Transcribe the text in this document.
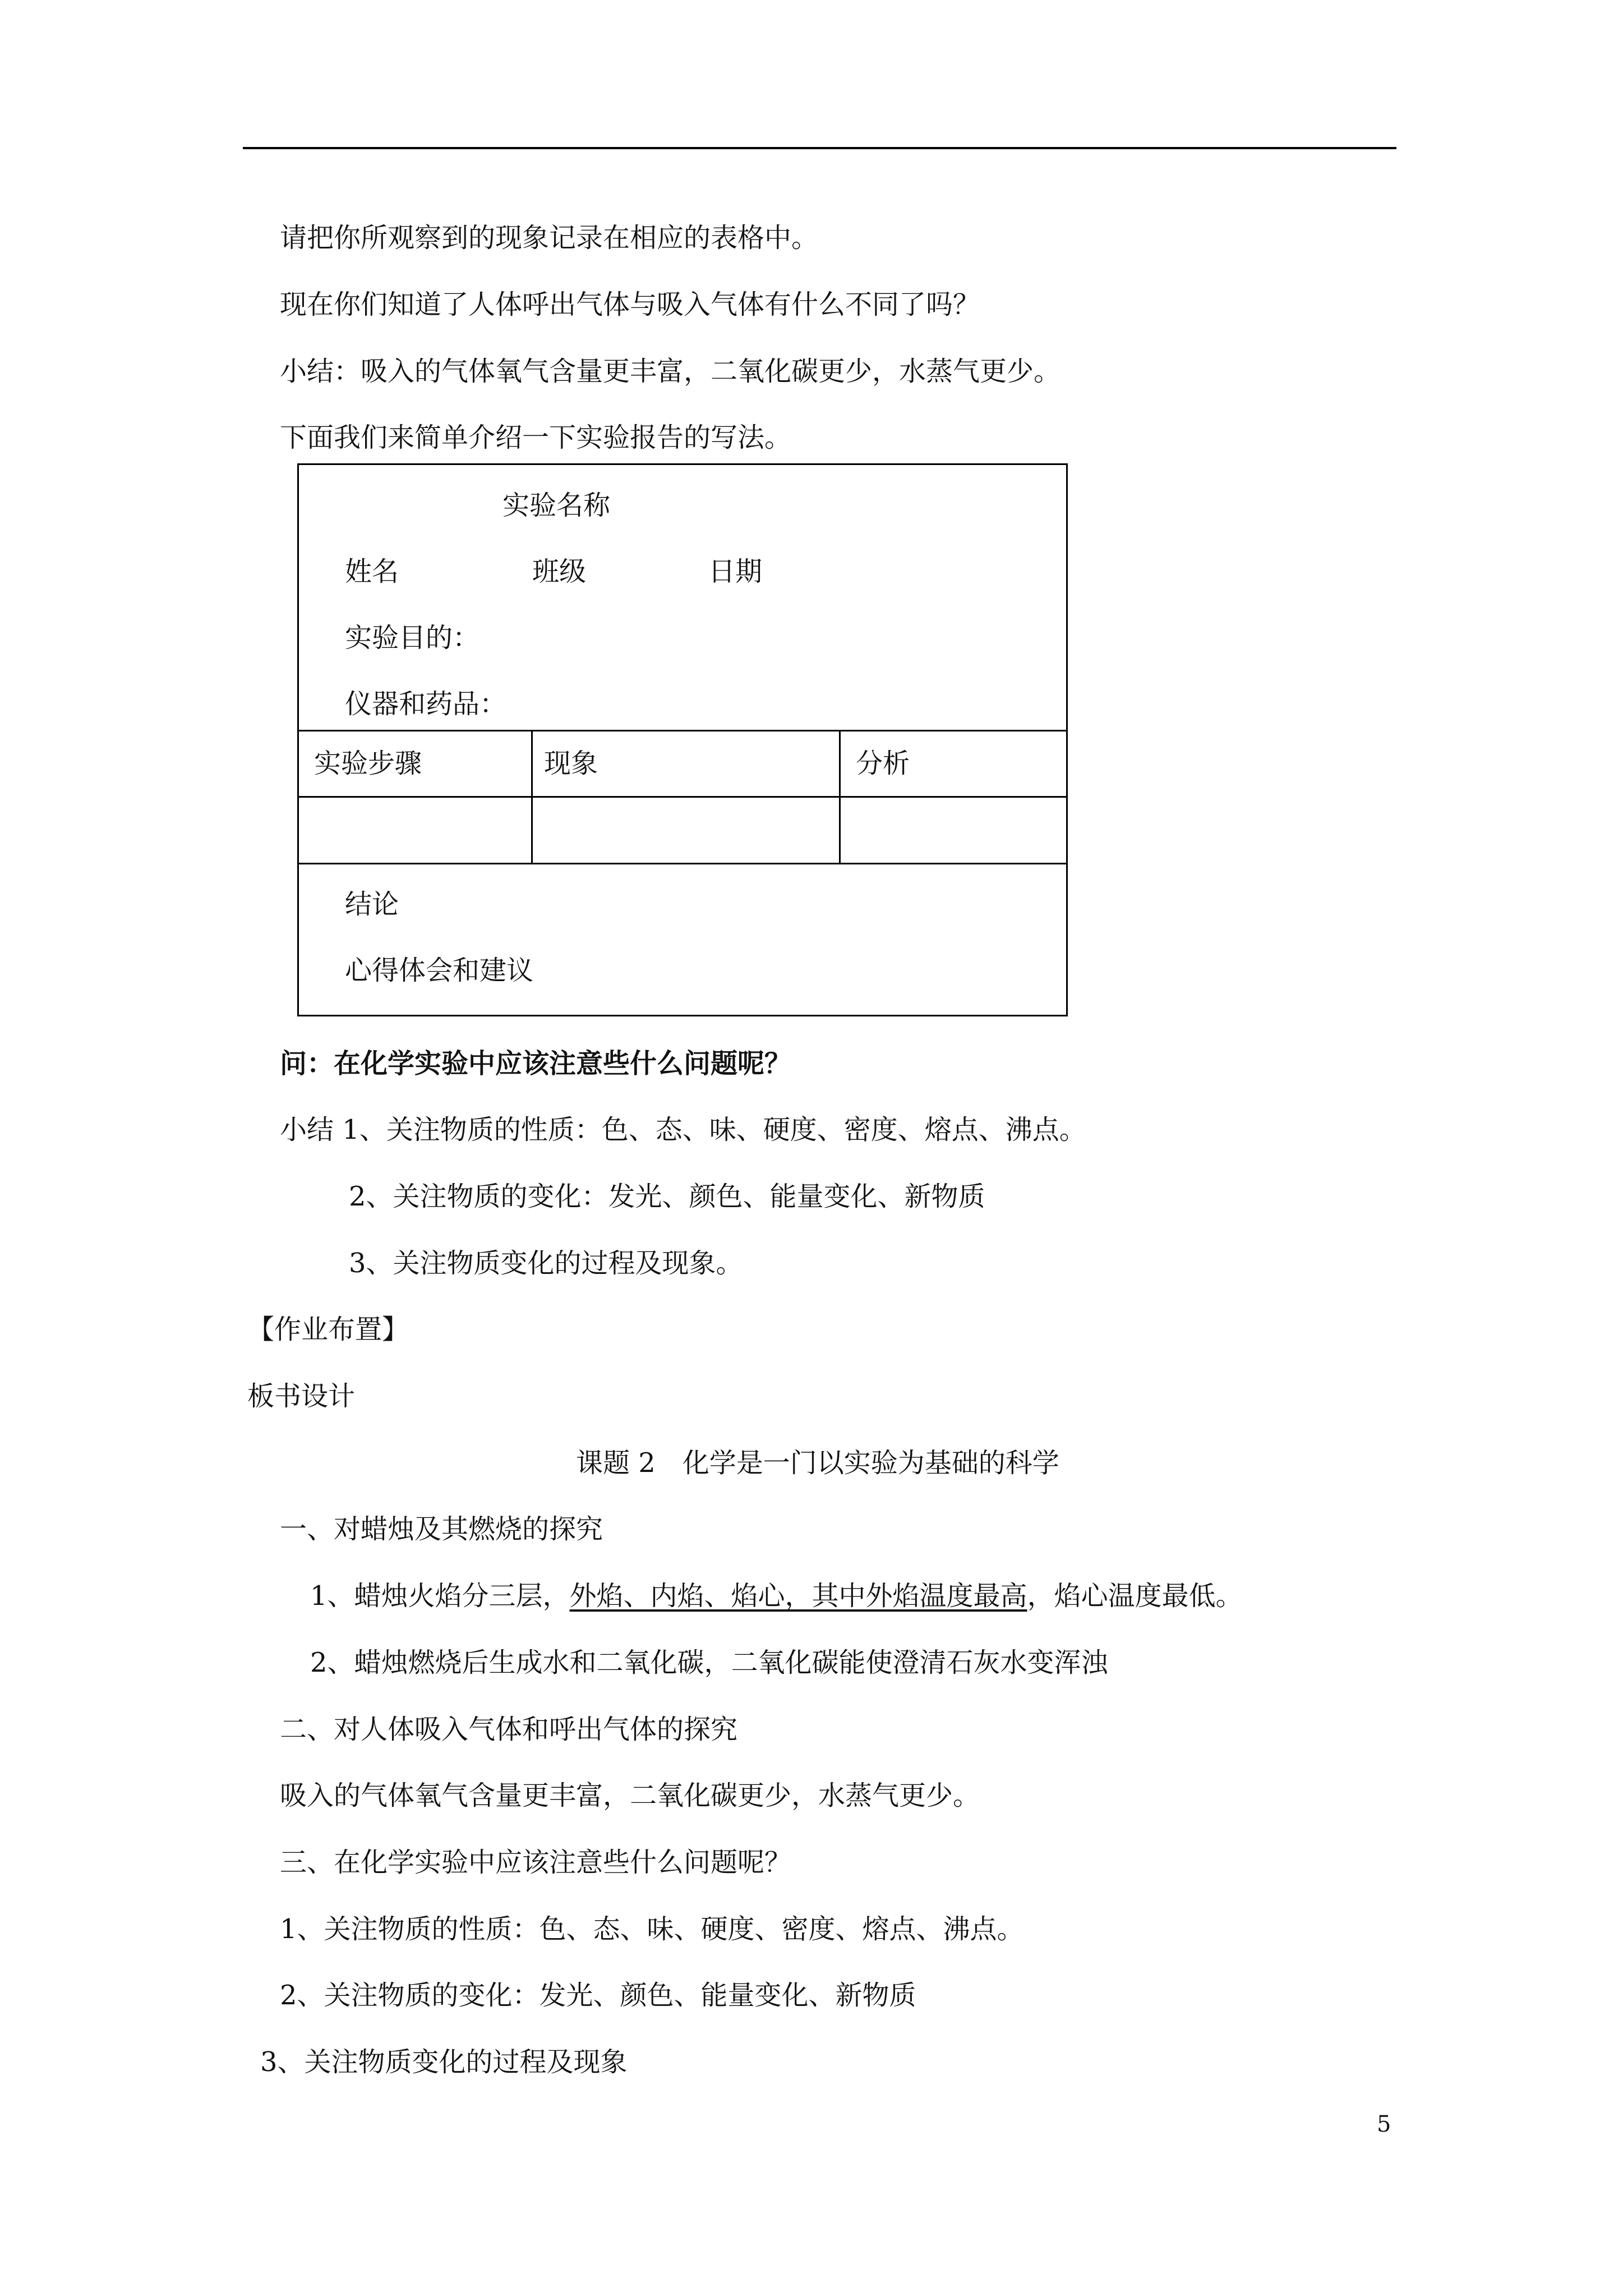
请把你所观察到的现象记录在相应的表格中。
现在你们知道了人体呼出气体与吸入气体有什么不同了吗？
小结：吸入的气体氧气含量更丰富，二氧化碳更少，水蒸气更少。
下面我们来简单介绍一下实验报告的写法。
实验名称
姓名	班级	日期
实验目的：
仪器和药品：
实验步骤	现象	分析
结论
心得体会和建议
问：在化学实验中应该注意些什么问题呢？
小结 1、关注物质的性质：色、态、味、硬度、密度、熔点、沸点。
2、关注物质的变化：发光、颜色、能量变化、新物质
3、关注物质变化的过程及现象。
【作业布置】
板书设计
课题 2　化学是一门以实验为基础的科学
一、对蜡烛及其燃烧的探究
1、蜡烛火焰分三层，外焰、内焰、焰心，其中外焰温度最高，焰心温度最低。
2、蜡烛燃烧后生成水和二氧化碳，二氧化碳能使澄清石灰水变浑浊
二、对人体吸入气体和呼出气体的探究
吸入的气体氧气含量更丰富，二氧化碳更少，水蒸气更少。
三、在化学实验中应该注意些什么问题呢？
1、关注物质的性质：色、态、味、硬度、密度、熔点、沸点。
2、关注物质的变化：发光、颜色、能量变化、新物质
3、关注物质变化的过程及现象
5
